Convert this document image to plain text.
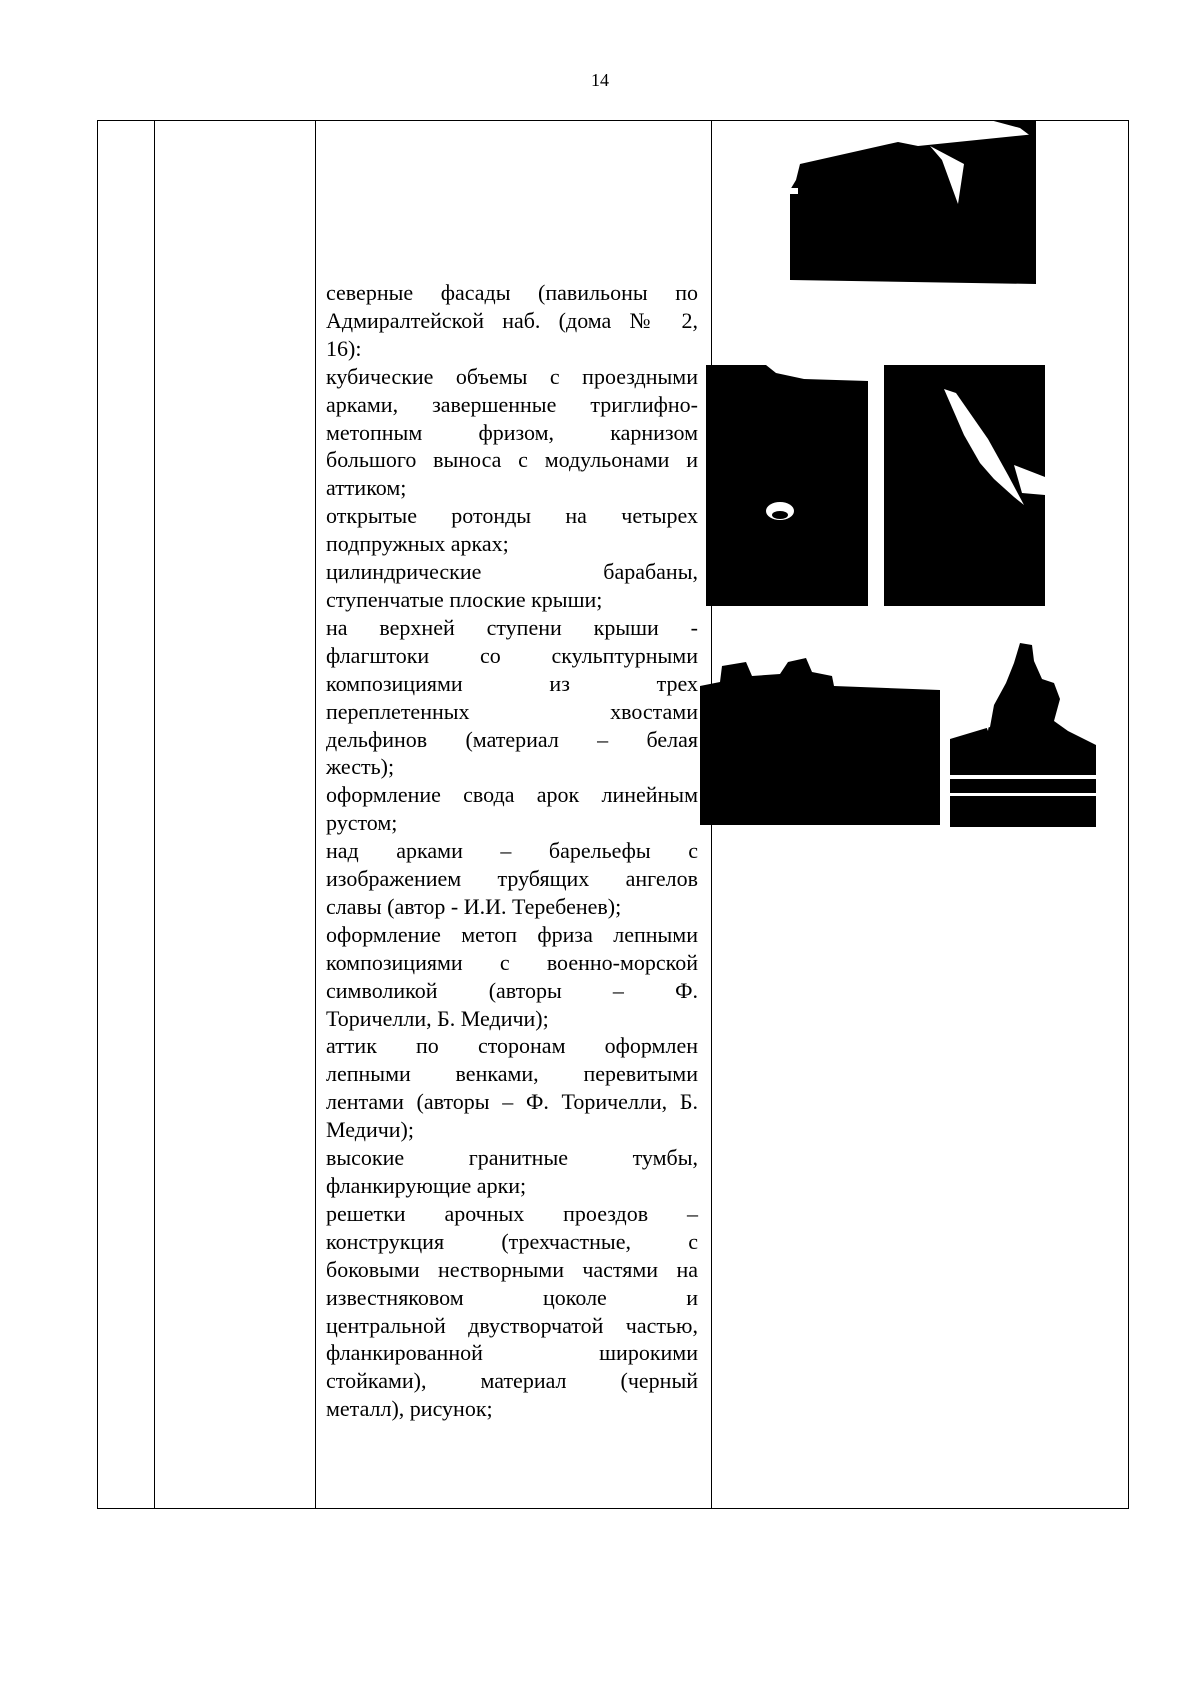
14

северные фасады (павильоны по

Адмиралтейской наб. (дома № 2,

16):

кубические объемы с проездными

арками, завершенные триглифно-

метопным фризом, карнизом

большого выноса с модульонами и

аттиком;

открытые ротонды на четырех

подпружных арках;

цилиндрические барабаны,

ступенчатые плоские крыши;

на верхней ступени крыши -

флагштоки со скульптурными

композициями из трех

переплетенных хвостами

дельфинов (материал – белая

жесть);

оформление свода арок линейным

рустом;

над арками – барельефы с

изображением трубящих ангелов

славы (автор - И.И. Теребенев);

оформление метоп фриза лепными

композициями с военно-морской

символикой (авторы – Ф.

Торичелли, Б. Медичи);

аттик по сторонам оформлен

лепными венками, перевитыми

лентами (авторы – Ф. Торичелли, Б.

Медичи);

высокие гранитные тумбы,

фланкирующие арки;

решетки арочных проездов –

конструкция (трехчастные, с

боковыми нестворными частями на

известняковом цоколе и

центральной двустворчатой частью,

фланкированной широкими

стойками), материал (черный

металл), рисунок;
